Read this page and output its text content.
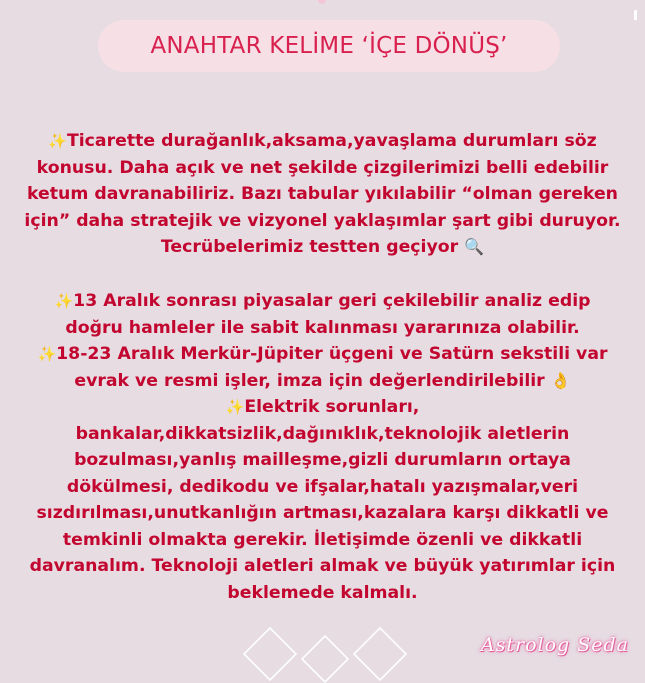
ANAHTAR KELİME ‘İÇE DÖNÜŞ’
✨Ticarette durağanlık,aksama,yavaşlama durumları söz
konusu. Daha açık ve net şekilde çizgilerimizi belli edebilir
ketum davranabiliriz. Bazı tabular yıkılabilir “olman gereken
için” daha stratejik ve vizyonel yaklaşımlar şart gibi duruyor.
Tecrübelerimiz testten geçiyor 🔍
✨13 Aralık sonrası piyasalar geri çekilebilir analiz edip
doğru hamleler ile sabit kalınması yararınıza olabilir.
✨18-23 Aralık Merkür-Jüpiter üçgeni ve Satürn sekstili var
evrak ve resmi işler, imza için değerlendirilebilir 👌
✨Elektrik sorunları,
bankalar,dikkatsizlik,dağınıklık,teknolojik aletlerin
bozulması,yanlış mailleşme,gizli durumların ortaya
dökülmesi, dedikodu ve ifşalar,hatalı yazışmalar,veri
sızdırılması,unutkanlığın artması,kazalara karşı dikkatli ve
temkinli olmakta gerekir. İletişimde özenli ve dikkatli
davranalım. Teknoloji aletleri almak ve büyük yatırımlar için
beklemede kalmalı.
Astrolog Seda
